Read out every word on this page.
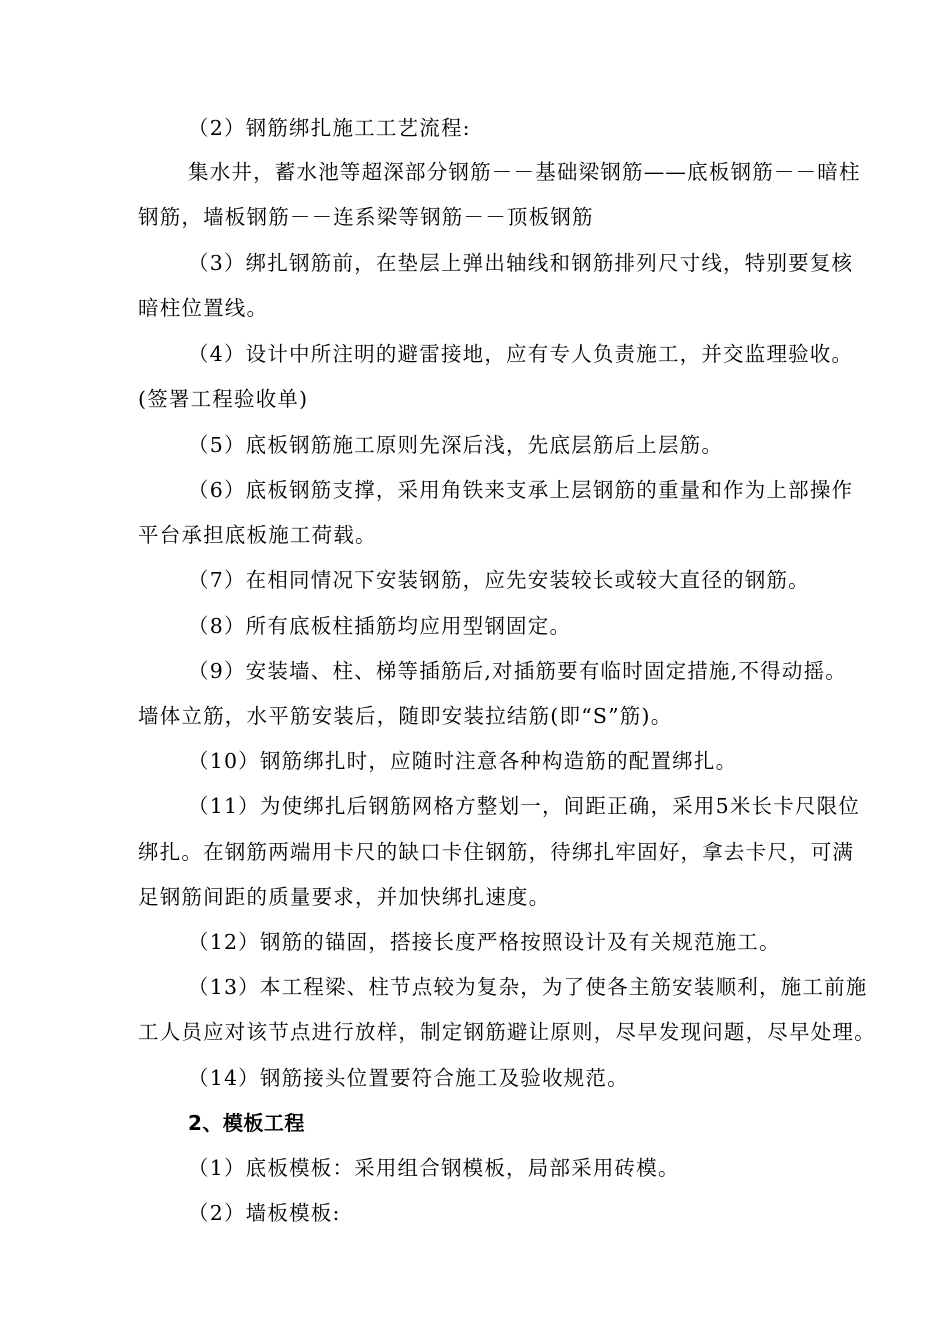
（2）钢筋绑扎施工工艺流程:
集水井，蓄水池等超深部分钢筋－－基础梁钢筋——底板钢筋－－暗柱
钢筋，墙板钢筋－－连系梁等钢筋－－顶板钢筋
（3）绑扎钢筋前，在垫层上弹出轴线和钢筋排列尺寸线，特别要复核
暗柱位置线。
（4）设计中所注明的避雷接地，应有专人负责施工，并交监理验收。
(签署工程验收单)
（5）底板钢筋施工原则先深后浅，先底层筋后上层筋。
（6）底板钢筋支撑，采用角铁来支承上层钢筋的重量和作为上部操作
平台承担底板施工荷载。
（7）在相同情况下安装钢筋，应先安装较长或较大直径的钢筋。
（8）所有底板柱插筋均应用型钢固定。
（9）安装墙、柱、梯等插筋后,对插筋要有临时固定措施,不得动摇。
墙体立筋，水平筋安装后，随即安装拉结筋(即“S”筋)。
（10）钢筋绑扎时，应随时注意各种构造筋的配置绑扎。
（11）为使绑扎后钢筋网格方整划一，间距正确，采用5米长卡尺限位
绑扎。在钢筋两端用卡尺的缺口卡住钢筋，待绑扎牢固好，拿去卡尺，可满
足钢筋间距的质量要求，并加快绑扎速度。
（12）钢筋的锚固，搭接长度严格按照设计及有关规范施工。
（13）本工程梁、柱节点较为复杂，为了使各主筋安装顺利，施工前施
工人员应对该节点进行放样，制定钢筋避让原则，尽早发现问题，尽早处理。
（14）钢筋接头位置要符合施工及验收规范。
2、模板工程
（1）底板模板：采用组合钢模板，局部采用砖模。
（2）墙板模板:
